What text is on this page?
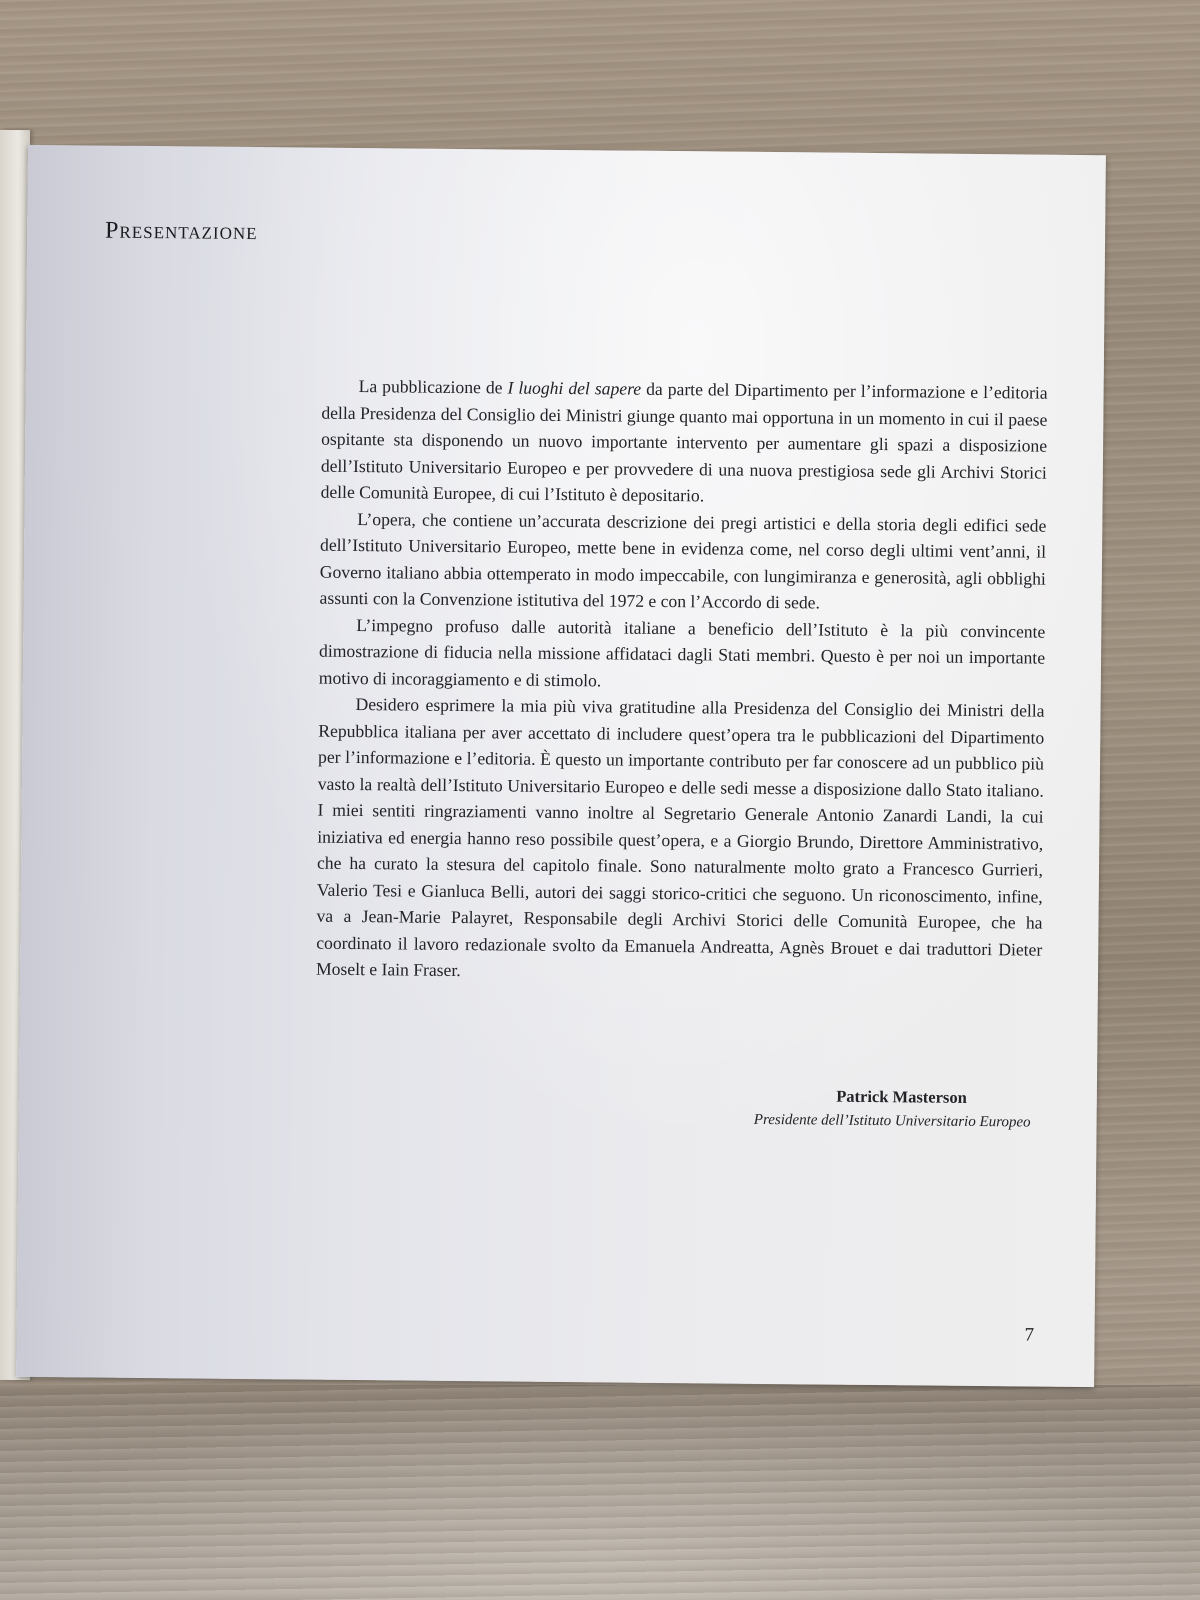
Presentazione

La pubblicazione de I luoghi del sapere da parte del Dipartimento per l’informazione e l’editoria della Presidenza del Consiglio dei Ministri giunge quanto mai opportuna in un momento in cui il paese ospitante sta disponendo un nuovo importante intervento per aumentare gli spazi a disposizione dell’Istituto Universitario Europeo e per provvedere di una nuova prestigiosa sede gli Archivi Storici delle Comunità Europee, di cui l’Istituto è depositario.

L’opera, che contiene un’accurata descrizione dei pregi artistici e della storia degli edifici sede dell’Istituto Universitario Europeo, mette bene in evidenza come, nel corso degli ultimi vent’anni, il Governo italiano abbia ottemperato in modo impeccabile, con lungimiranza e generosità, agli obblighi assunti con la Convenzione istitutiva del 1972 e con l’Accordo di sede.

L’impegno profuso dalle autorità italiane a beneficio dell’Istituto è la più convincente dimostrazione di fiducia nella missione affidataci dagli Stati membri. Questo è per noi un importante motivo di incoraggiamento e di stimolo.

Desidero esprimere la mia più viva gratitudine alla Presidenza del Consiglio dei Ministri della Repubblica italiana per aver accettato di includere quest’opera tra le pubblicazioni del Dipartimento per l’informazione e l’editoria. È questo un importante contributo per far conoscere ad un pubblico più vasto la realtà dell’Istituto Universitario Europeo e delle sedi messe a disposizione dallo Stato italiano. I miei sentiti ringraziamenti vanno inoltre al Segretario Generale Antonio Zanardi Landi, la cui iniziativa ed energia hanno reso possibile quest’opera, e a Giorgio Brundo, Direttore Amministrativo, che ha curato la stesura del capitolo finale. Sono naturalmente molto grato a Francesco Gurrieri, Valerio Tesi e Gianluca Belli, autori dei saggi storico-critici che seguono. Un riconoscimento, infine, va a Jean-Marie Palayret, Responsabile degli Archivi Storici delle Comunità Europee, che ha coordinato il lavoro redazionale svolto da Emanuela Andreatta, Agnès Brouet e dai traduttori Dieter Moselt e Iain Fraser.

Patrick Masterson
Presidente dell’Istituto Universitario Europeo
7
